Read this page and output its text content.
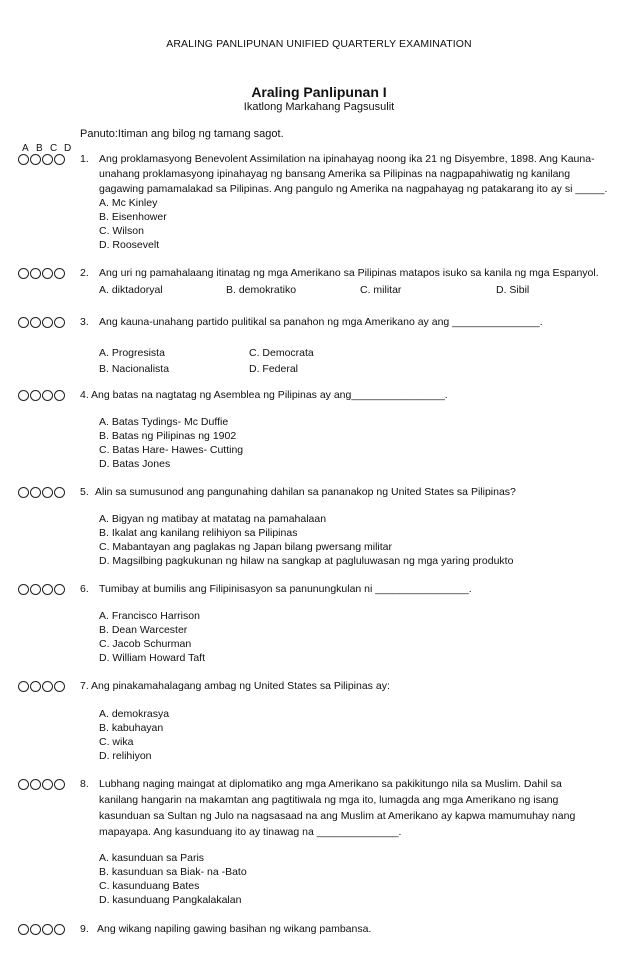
ARALING PANLIPUNAN UNIFIED QUARTERLY EXAMINATION
Araling Panlipunan I
Ikatlong Markahang Pagsusulit
Panuto:Itiman ang bilog ng tamang sagot.
A B C D
1. Ang proklamasyong Benevolent Assimilation na ipinahayag noong ika 21 ng Disyembre, 1898. Ang Kauna-
unahang proklamasyong ipinahayag ng bansang Amerika sa Pilipinas na nagpapahiwatig ng kanilang
gagawing pamamalakad sa Pilipinas. Ang pangulo ng Amerika na nagpahayag ng patakarang ito ay si _____.
A. Mc Kinley
B. Eisenhower
C. Wilson
D. Roosevelt
2. Ang uri ng pamahalaang itinatag ng mga Amerikano sa Pilipinas matapos isuko sa kanila ng mga Espanyol.
A. diktadoryal	B. demokratiko	C. militar	D. Sibil
3. Ang kauna-unahang partido pulitikal sa panahon ng mga Amerikano ay ang _______________.
A. Progresista	C. Democrata
B. Nacionalista	D. Federal
4. Ang batas na nagtatag ng Asemblea ng Pilipinas ay ang________________.
A. Batas Tydings- Mc Duffie
B. Batas ng Pilipinas ng 1902
C. Batas Hare- Hawes- Cutting
D. Batas Jones
5. Alin sa sumusunod ang pangunahing dahilan sa pananakop ng United States sa Pilipinas?
A. Bigyan ng matibay at matatag na pamahalaan
B. Ikalat ang kanilang relihiyon sa Pilipinas
C. Mabantayan ang paglakas ng Japan bilang pwersang militar
D. Magsilbing pagkukunan ng hilaw na sangkap at pagluluwasan ng mga yaring produkto
6. Tumibay at bumilis ang Filipinisasyon sa panunungkulan ni ________________.
A. Francisco Harrison
B. Dean Warcester
C. Jacob Schurman
D. William Howard Taft
7. Ang pinakamahalagang ambag ng United States sa Pilipinas ay:
A. demokrasya
B. kabuhayan
C. wika
D. relihiyon
8. Lubhang naging maingat at diplomatiko ang mga Amerikano sa pakikitungo nila sa Muslim. Dahil sa
kanilang hangarin na makamtan ang pagtitiwala ng mga ito, lumagda ang mga Amerikano ng isang
kasunduan sa Sultan ng Julo na nagsasaad na ang Muslim at Amerikano ay kapwa mamumuhay nang
mapayapa. Ang kasunduang ito ay tinawag na ______________.
A. kasunduan sa Paris
B. kasunduan sa Biak- na -Bato
C. kasunduang Bates
D. kasunduang Pangkalakalan
9. Ang wikang napiling gawing basihan ng wikang pambansa.
